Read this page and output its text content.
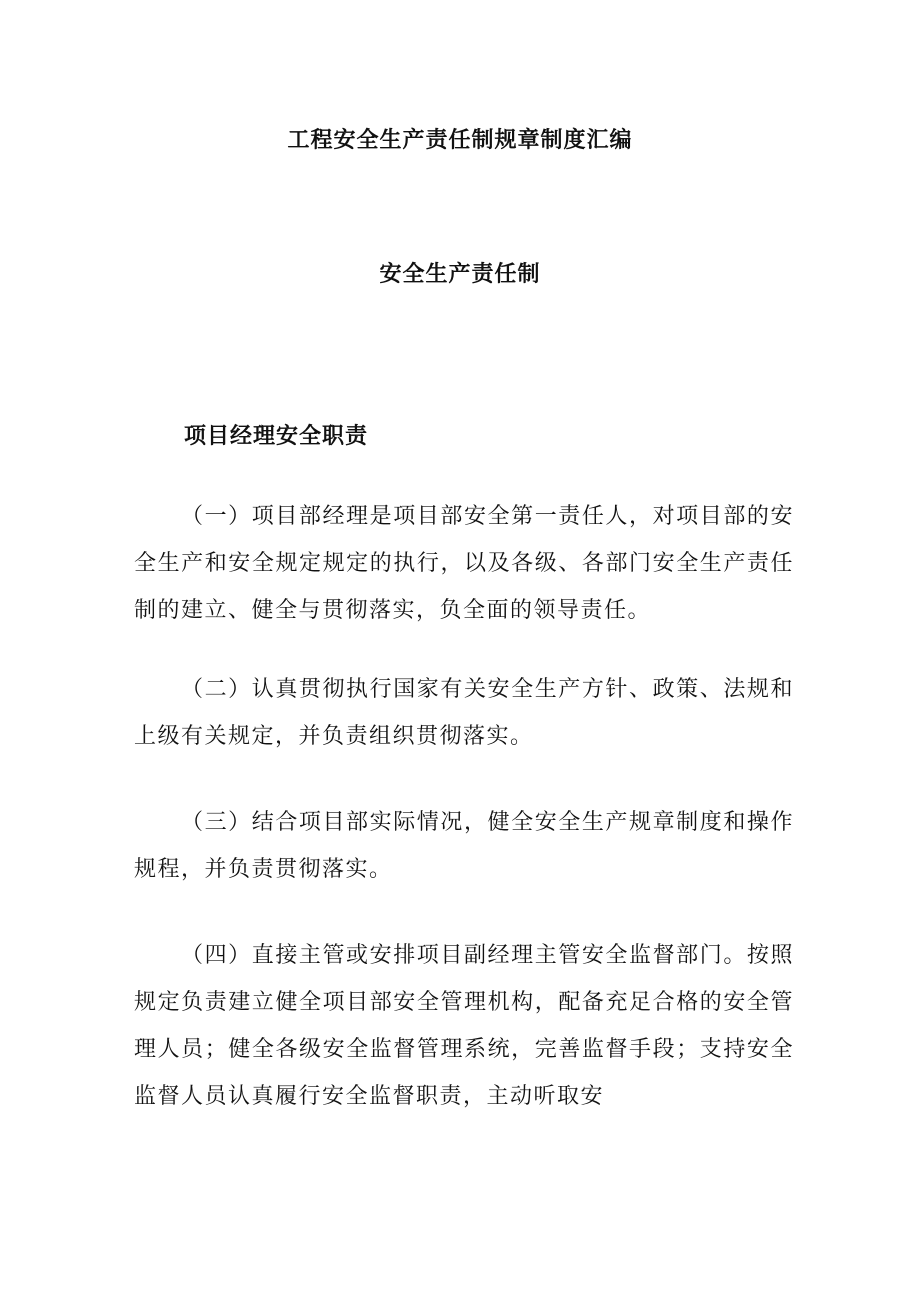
工程安全生产责任制规章制度汇编
安全生产责任制
项目经理安全职责

（一）项目部经理是项目部安全第一责任人，对项目部的安全生产和安全规定规定的执行，以及各级、各部门安全生产责任制的建立、健全与贯彻落实，负全面的领导责任。

（二）认真贯彻执行国家有关安全生产方针、政策、法规和上级有关规定，并负责组织贯彻落实。

（三）结合项目部实际情况，健全安全生产规章制度和操作规程，并负责贯彻落实。

（四）直接主管或安排项目副经理主管安全监督部门。按照规定负责建立健全项目部安全管理机构，配备充足合格的安全管理人员；健全各级安全监督管理系统，完善监督手段；支持安全监督人员认真履行安全监督职责，主动听取安
